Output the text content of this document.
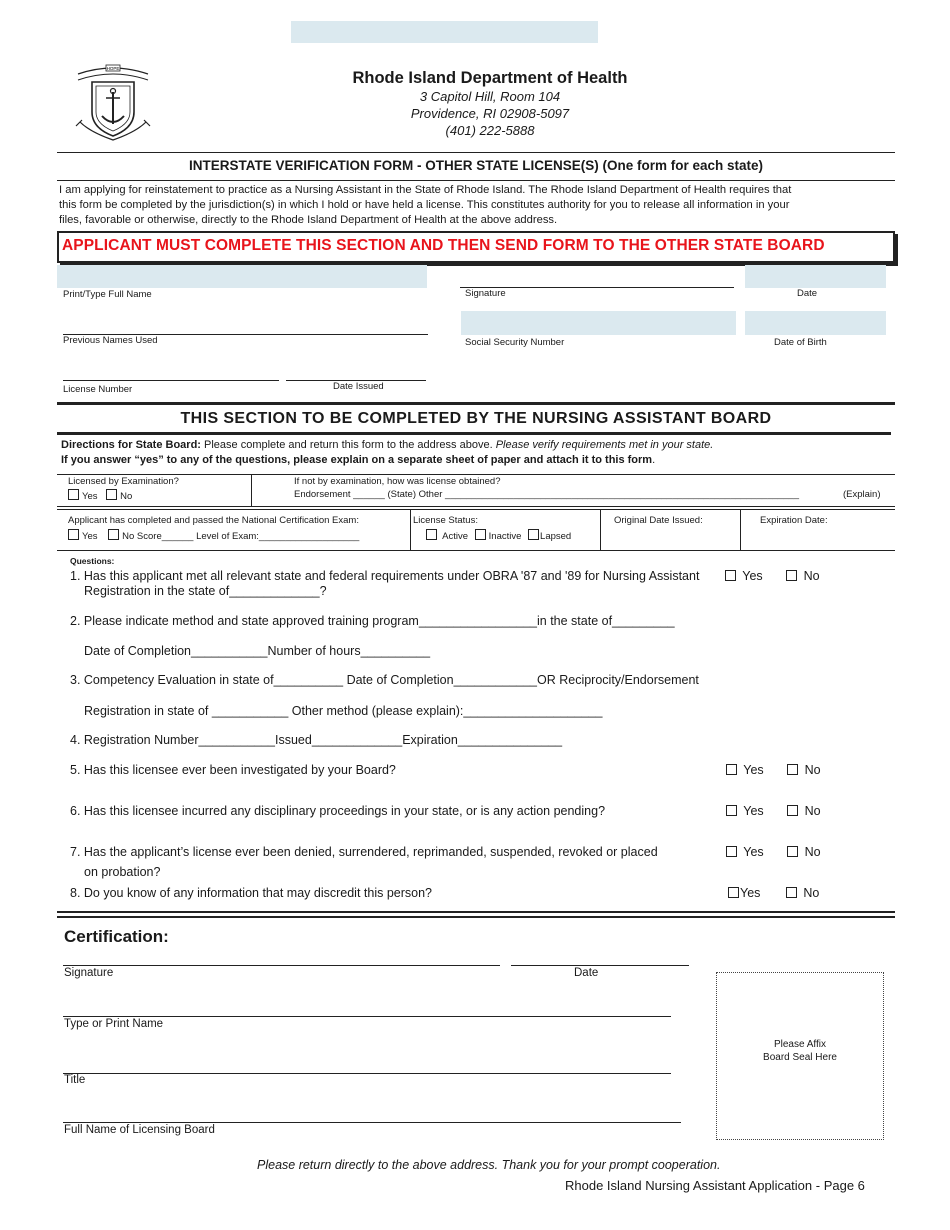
HOPE
Rhode Island Department of Health
3 Capitol Hill, Room 104
Providence, RI 02908-5097
(401) 222-5888
INTERSTATE VERIFICATION FORM - OTHER STATE LICENSE(S) (One form for each state)
I am applying for reinstatement to practice as a Nursing Assistant in the State of Rhode Island. The Rhode Island Department of Health requires that
this form be completed by the jurisdiction(s) in which I hold or have held a license. This constitutes authority for you to release all information in your
files, favorable or otherwise, directly to the Rhode Island Department of Health at the above address.
APPLICANT MUST COMPLETE THIS SECTION AND THEN SEND FORM TO THE OTHER STATE BOARD
Print/Type Full Name	Signature	Date
Previous Names Used	Social Security Number	Date of Birth
License Number	Date Issued
THIS SECTION TO BE COMPLETED BY THE NURSING ASSISTANT BOARD
Directions for State Board: Please complete and return this form to the address above. Please verify requirements met in your state.
If you answer “yes” to any of the questions, please explain on a separate sheet of paper and attach it to this form.
Licensed by Examination?
Yes No
If not by examination, how was license obtained?
Endorsement ______ (State) Other ___________________________________________________________________	(Explain)
Applicant has completed and passed the National Certification Exam:
Yes	No Score______ Level of Exam:___________________
License Status:
Active Inactive Lapsed
Original Date Issued:	Expiration Date:
Questions:
1. Has this applicant met all relevant state and federal requirements under OBRA '87 and '89 for Nursing Assistant
Registration in the state of_____________?
Yes	No
2. Please indicate method and state approved training program_________________in the state of_________
Date of Completion___________Number of hours__________
3. Competency Evaluation in state of__________ Date of Completion____________OR Reciprocity/Endorsement
Registration in state of ___________ Other method (please explain):____________________
4. Registration Number___________Issued_____________Expiration_______________
5. Has this licensee ever been investigated by your Board?	Yes	No
6. Has this licensee incurred any disciplinary proceedings in your state, or is any action pending?	Yes	No
7. Has the applicant’s license ever been denied, surrendered, reprimanded, suspended, revoked or placed
on probation?
Yes	No
8. Do you know of any information that may discredit this person?	Yes	No
Certification:
Signature	Date
Type or Print Name
Title
Full Name of Licensing Board
Please Affix
Board Seal Here
Please return directly to the above address. Thank you for your prompt cooperation.
Rhode Island Nursing Assistant Application - Page 6
